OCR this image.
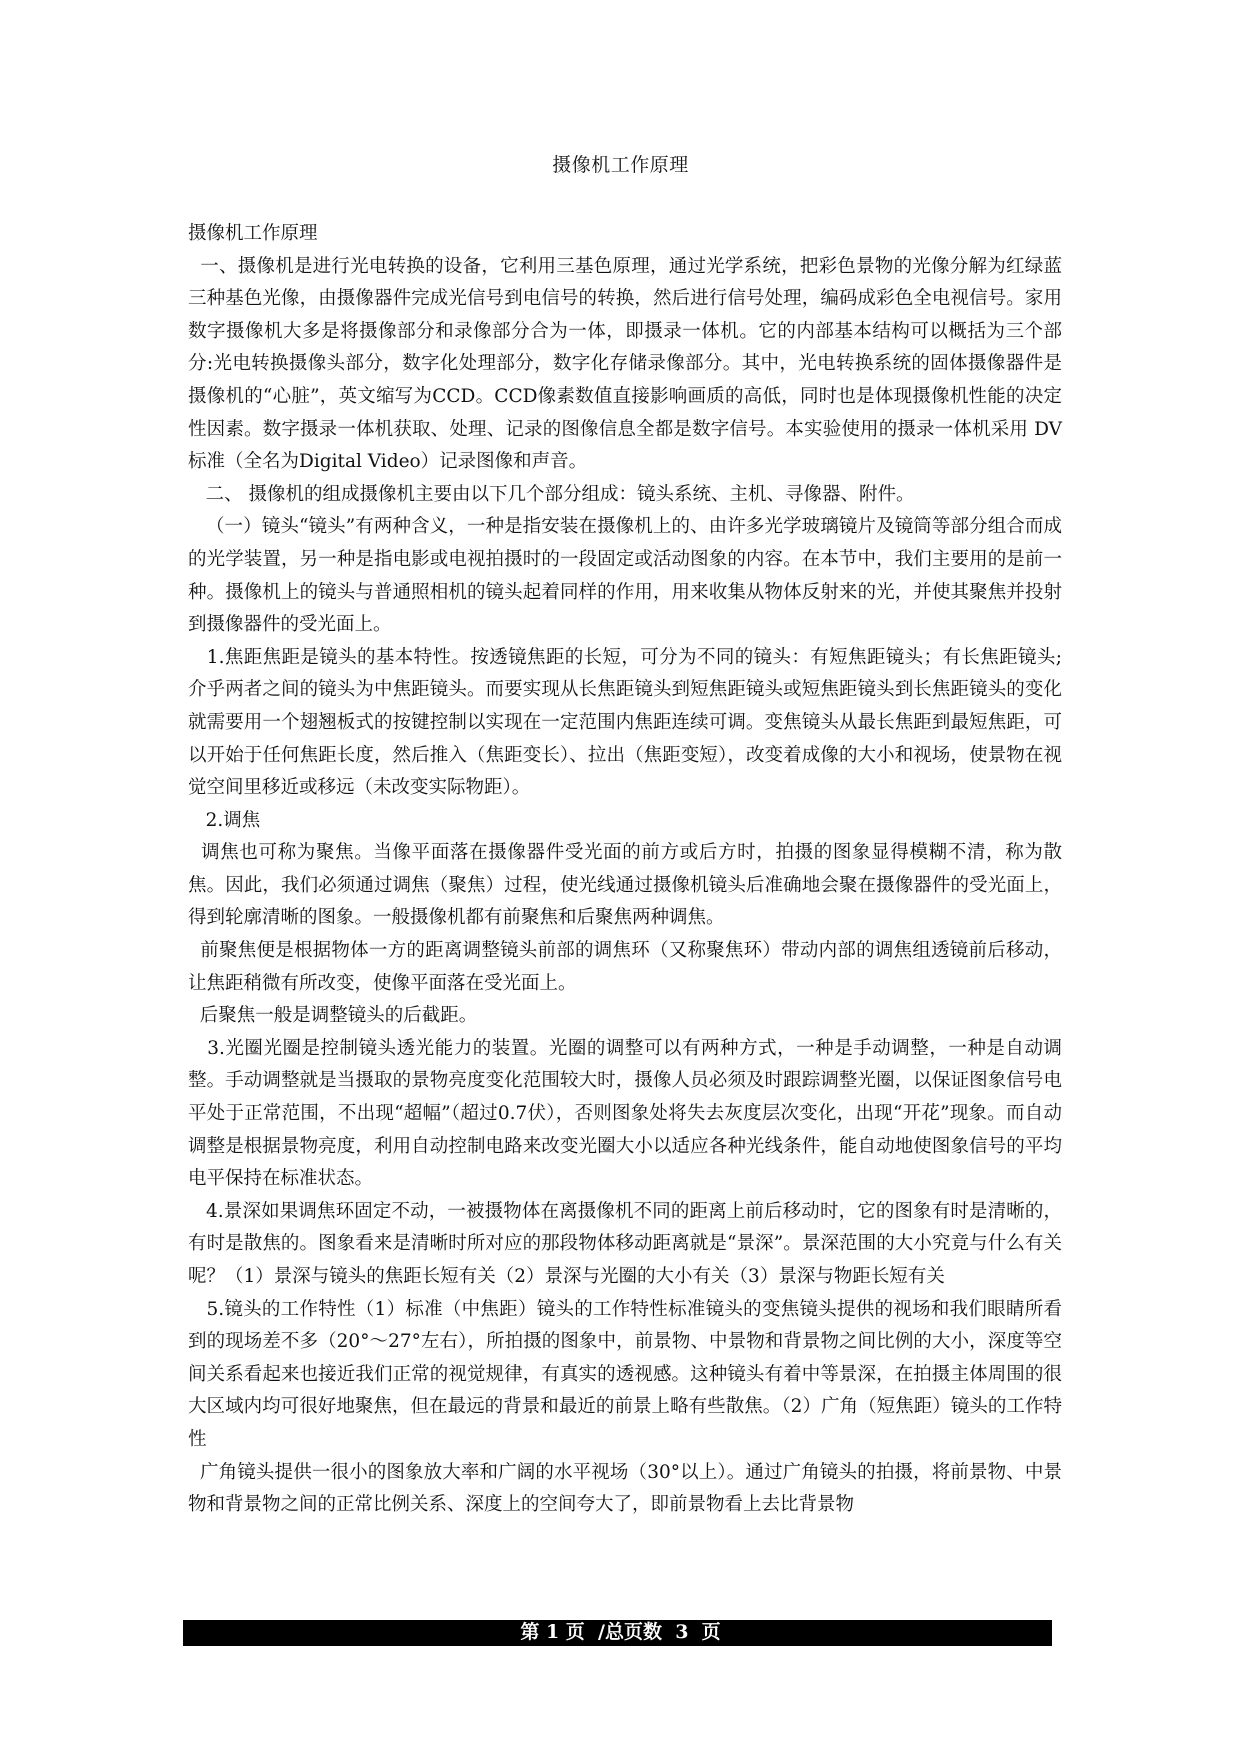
摄像机工作原理

摄像机工作原理

一、摄像机是进行光电转换的设备，它利用三基色原理，通过光学系统，把彩色景物的光像分解为红绿蓝三种基色光像，由摄像器件完成光信号到电信号的转换，然后进行信号处理，编码成彩色全电视信号。家用数字摄像机大多是将摄像部分和录像部分合为一体，即摄录一体机。它的内部基本结构可以概括为三个部分:光电转换摄像头部分，数字化处理部分，数字化存储录像部分。其中，光电转换系统的固体摄像器件是摄像机的“心脏”，英文缩写为CCD。CCD像素数值直接影响画质的高低，同时也是体现摄像机性能的决定性因素。数字摄录一体机获取、处理、记录的图像信息全都是数字信号。本实验使用的摄录一体机采用 DV 标准（全名为Digital Video）记录图像和声音。

二、 摄像机的组成摄像机主要由以下几个部分组成：镜头系统、主机、寻像器、附件。

（一）镜头“镜头”有两种含义，一种是指安装在摄像机上的、由许多光学玻璃镜片及镜筒等部分组合而成的光学装置，另一种是指电影或电视拍摄时的一段固定或活动图象的内容。在本节中，我们主要用的是前一种。摄像机上的镜头与普通照相机的镜头起着同样的作用，用来收集从物体反射来的光，并使其聚焦并投射到摄像器件的受光面上。

1.焦距焦距是镜头的基本特性。按透镜焦距的长短，可分为不同的镜头：有短焦距镜头；有长焦距镜头;介乎两者之间的镜头为中焦距镜头。而要实现从长焦距镜头到短焦距镜头或短焦距镜头到长焦距镜头的变化就需要用一个翅翘板式的按键控制以实现在一定范围内焦距连续可调。变焦镜头从最长焦距到最短焦距，可以开始于任何焦距长度，然后推入（焦距变长）、拉出（焦距变短），改变着成像的大小和视场，使景物在视觉空间里移近或移远（未改变实际物距）。

2.调焦

调焦也可称为聚焦。当像平面落在摄像器件受光面的前方或后方时，拍摄的图象显得模糊不清，称为散焦。因此，我们必须通过调焦（聚焦）过程，使光线通过摄像机镜头后准确地会聚在摄像器件的受光面上，得到轮廓清晰的图象。一般摄像机都有前聚焦和后聚焦两种调焦。

前聚焦便是根据物体一方的距离调整镜头前部的调焦环（又称聚焦环）带动内部的调焦组透镜前后移动，让焦距稍微有所改变，使像平面落在受光面上。

后聚焦一般是调整镜头的后截距。

3.光圈光圈是控制镜头透光能力的装置。光圈的调整可以有两种方式，一种是手动调整，一种是自动调整。手动调整就是当摄取的景物亮度变化范围较大时，摄像人员必须及时跟踪调整光圈，以保证图象信号电平处于正常范围，不出现“超幅”（超过0.7伏），否则图象处将失去灰度层次变化，出现“开花”现象。而自动调整是根据景物亮度，利用自动控制电路来改变光圈大小以适应各种光线条件，能自动地使图象信号的平均电平保持在标准状态。

4.景深如果调焦环固定不动，一被摄物体在离摄像机不同的距离上前后移动时，它的图象有时是清晰的，有时是散焦的。图象看来是清晰时所对应的那段物体移动距离就是“景深”。景深范围的大小究竟与什么有关呢？（1）景深与镜头的焦距长短有关（2）景深与光圈的大小有关（3）景深与物距长短有关

5.镜头的工作特性（1）标准（中焦距）镜头的工作特性标准镜头的变焦镜头提供的视场和我们眼睛所看到的现场差不多（20°～27°左右），所拍摄的图象中，前景物、中景物和背景物之间比例的大小，深度等空间关系看起来也接近我们正常的视觉规律，有真实的透视感。这种镜头有着中等景深，在拍摄主体周围的很大区域内均可很好地聚焦，但在最远的背景和最近的前景上略有些散焦。（2）广角（短焦距）镜头的工作特性

广角镜头提供一很小的图象放大率和广阔的水平视场（30°以上）。通过广角镜头的拍摄，将前景物、中景物和背景物之间的正常比例关系、深度上的空间夸大了，即前景物看上去比背景物

第 1 页  /总页数  3  页
